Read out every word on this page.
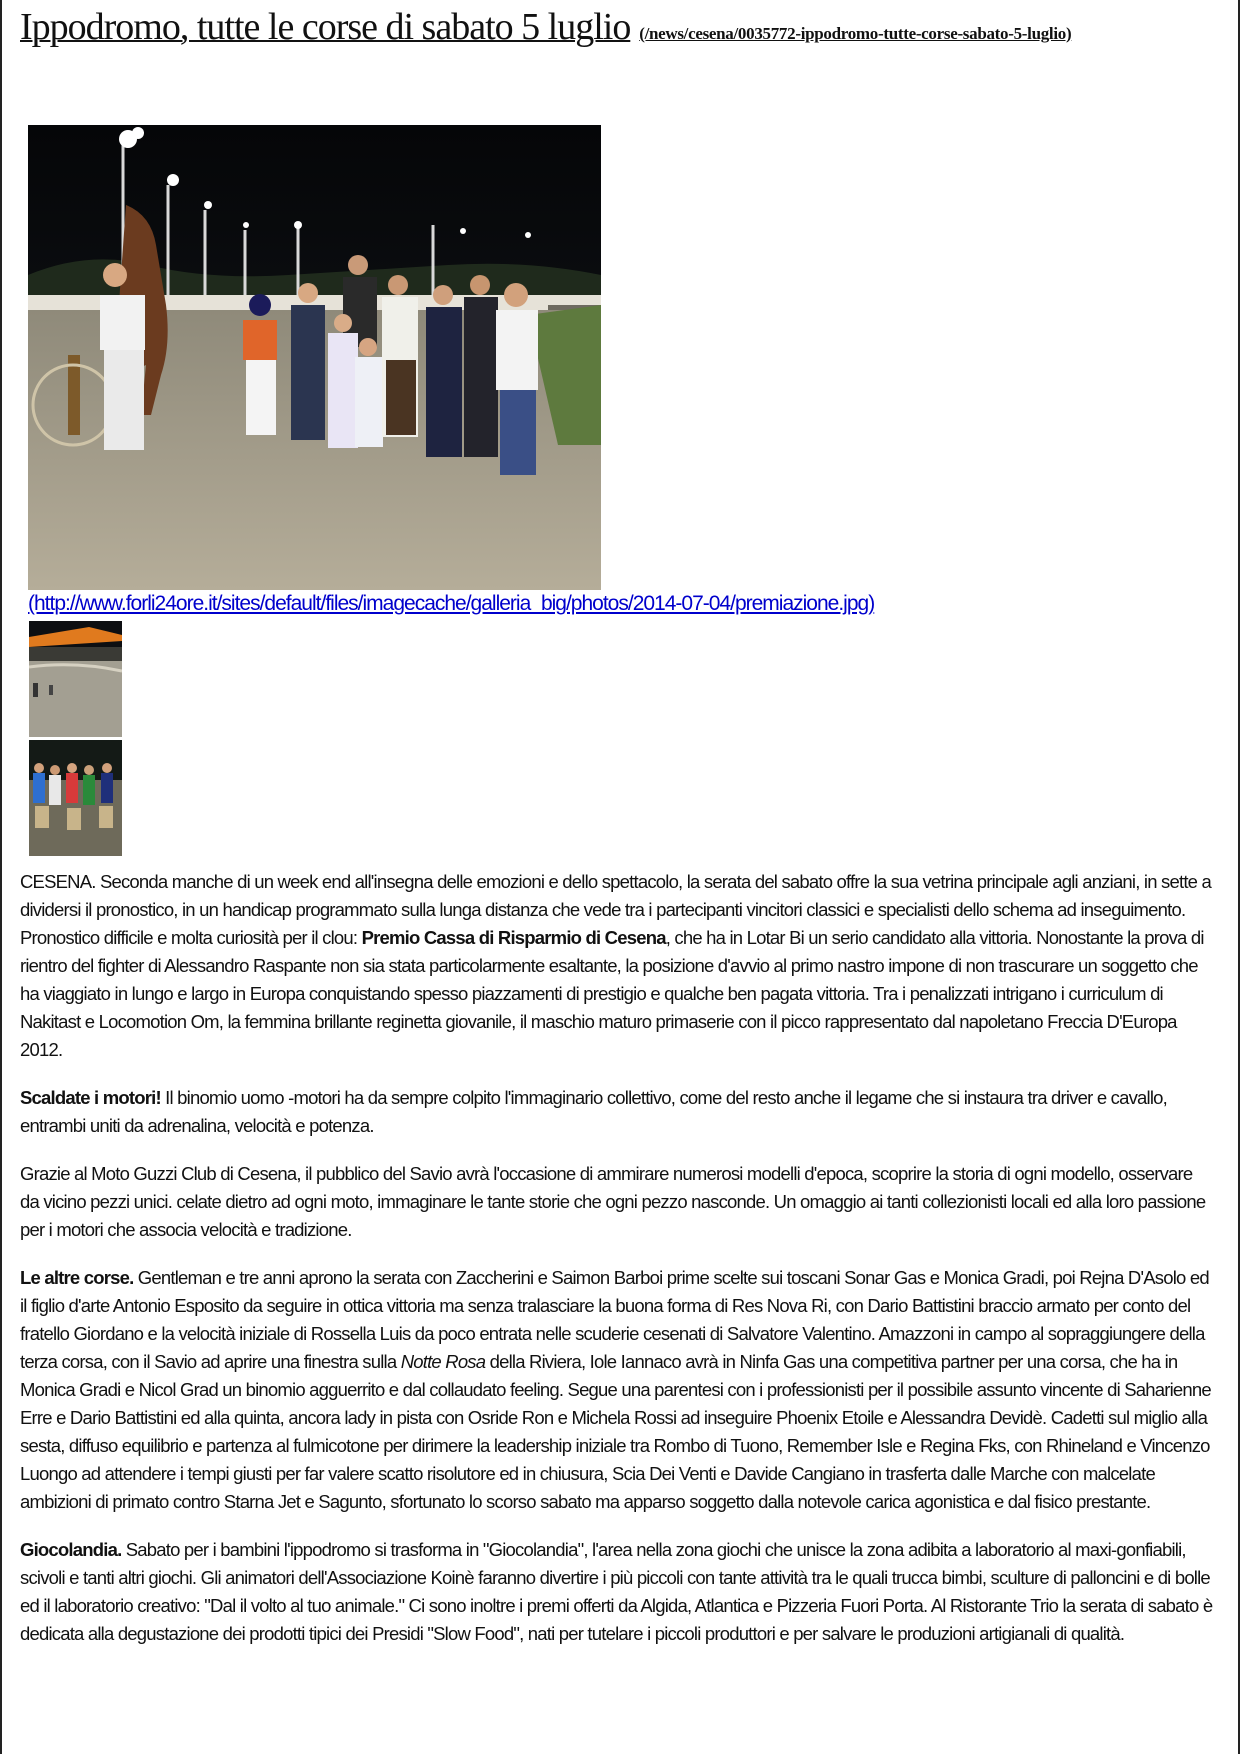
Ippodromo, tutte le corse di sabato 5 luglio (/news/cesena/0035772-ippodromo-tutte-corse-sabato-5-luglio)
(http://www.forli24ore.it/sites/default/files/imagecache/galleria_big/photos/2014-07-04/premiazione.jpg)

CESENA. Seconda manche di un week end all'insegna delle emozioni e dello spettacolo, la serata del sabato offre la sua vetrina principale agli anziani, in sette a dividersi il pronostico, in un handicap programmato sulla lunga distanza che vede tra i partecipanti vincitori classici e specialisti dello schema ad inseguimento. Pronostico difficile e molta curiosità per il clou: Premio Cassa di Risparmio di Cesena, che ha in Lotar Bi un serio candidato alla vittoria. Nonostante la prova di rientro del fighter di Alessandro Raspante non sia stata particolarmente esaltante, la posizione d'avvio al primo nastro impone di non trascurare un soggetto che ha viaggiato in lungo e largo in Europa conquistando spesso piazzamenti di prestigio e qualche ben pagata vittoria. Tra i penalizzati intrigano i curriculum di Nakitast e Locomotion Om, la femmina brillante reginetta giovanile, il maschio maturo primaserie con il picco rappresentato dal napoletano Freccia D'Europa 2012.

Scaldate i motori! Il binomio uomo -motori ha da sempre colpito l'immaginario collettivo, come del resto anche il legame che si instaura tra driver e cavallo, entrambi uniti da adrenalina, velocità e potenza.

Grazie al Moto Guzzi Club di Cesena, il pubblico del Savio avrà l'occasione di ammirare numerosi modelli d'epoca, scoprire la storia di ogni modello, osservare da vicino pezzi unici. celate dietro ad ogni moto, immaginare le tante storie che ogni pezzo nasconde. Un omaggio ai tanti collezionisti locali ed alla loro passione per i motori che associa velocità e tradizione.

Le altre corse. Gentleman e tre anni aprono la serata con Zaccherini e Saimon Barboi prime scelte sui toscani Sonar Gas e Monica Gradi, poi Rejna D'Asolo ed il figlio d'arte Antonio Esposito da seguire in ottica vittoria ma senza tralasciare la buona forma di Res Nova Ri, con Dario Battistini braccio armato per conto del fratello Giordano e la velocità iniziale di Rossella Luis da poco entrata nelle scuderie cesenati di Salvatore Valentino. Amazzoni in campo al sopraggiungere della terza corsa, con il Savio ad aprire una finestra sulla Notte Rosa della Riviera, Iole Iannaco avrà in Ninfa Gas una competitiva partner per una corsa, che ha in Monica Gradi e Nicol Grad un binomio agguerrito e dal collaudato feeling. Segue una parentesi con i professionisti per il possibile assunto vincente di Saharienne Erre e Dario Battistini ed alla quinta, ancora lady in pista con Osride Ron e Michela Rossi ad inseguire Phoenix Etoile e Alessandra Devidè. Cadetti sul miglio alla sesta, diffuso equilibrio e partenza al fulmicotone per dirimere la leadership iniziale tra Rombo di Tuono, Remember Isle e Regina Fks, con Rhineland e Vincenzo Luongo ad attendere i tempi giusti per far valere scatto risolutore ed in chiusura, Scia Dei Venti e Davide Cangiano in trasferta dalle Marche con malcelate ambizioni di primato contro Starna Jet e Sagunto, sfortunato lo scorso sabato ma apparso soggetto dalla notevole carica agonistica e dal fisico prestante.

Giocolandia. Sabato per i bambini l'ippodromo si trasforma in "Giocolandia", l'area nella zona giochi che unisce la zona adibita a laboratorio al maxi-gonfiabili, scivoli e tanti altri giochi. Gli animatori dell'Associazione Koinè faranno divertire i più piccoli con tante attività tra le quali trucca bimbi, sculture di palloncini e di bolle ed il laboratorio creativo: "Dal il volto al tuo animale." Ci sono inoltre i premi offerti da Algida, Atlantica e Pizzeria Fuori Porta. Al Ristorante Trio la serata di sabato è dedicata alla degustazione dei prodotti tipici dei Presidi "Slow Food", nati per tutelare i piccoli produttori e per salvare le produzioni artigianali di qualità.
